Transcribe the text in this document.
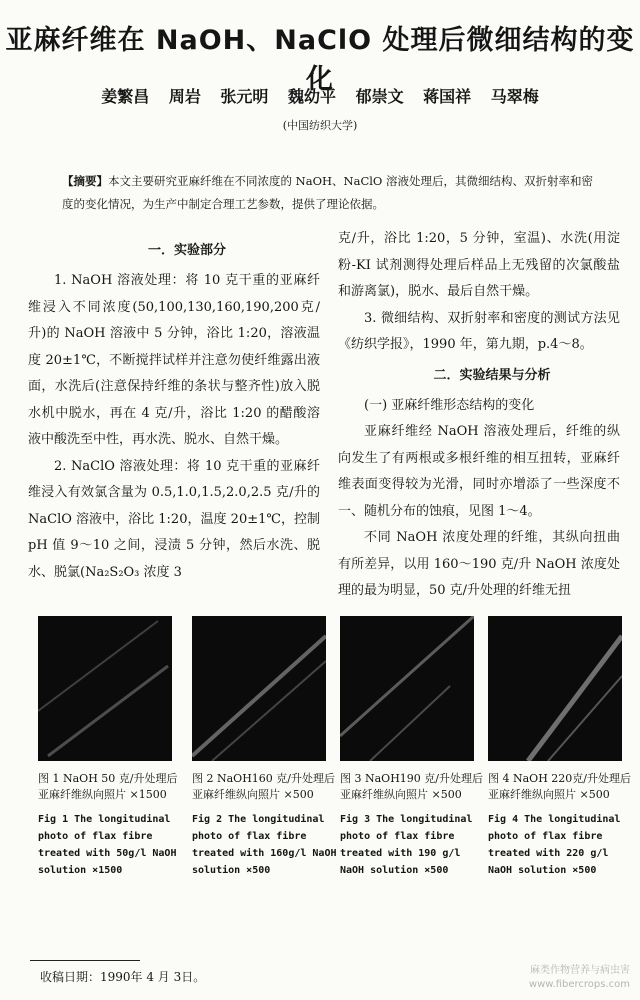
亚麻纤维在 NaOH、NaClO 处理后微细结构的变化
姜繁昌 周岩 张元明 魏幼平 郁崇文 蒋国祥 马翠梅
(中国纺织大学)
【摘要】本文主要研究亚麻纤维在不同浓度的 NaOH、NaClO 溶液处理后，其微细结构、双折射率和密度的变化情况，为生产中制定合理工艺参数，提供了理论依据。

一．实验部分

1. NaOH 溶液处理：将 10 克干重的亚麻纤维浸入不同浓度(50,100,130,160,190,200克/升)的 NaOH 溶液中 5 分钟，浴比 1:20，溶液温度 20±1℃，不断搅拌试样并注意勿使纤维露出液面，水洗后(注意保持纤维的条状与整齐性)放入脱水机中脱水，再在 4 克/升，浴比 1:20 的醋酸溶液中酸洗至中性，再水洗、脱水、自然干燥。

2. NaClO 溶液处理：将 10 克干重的亚麻纤维浸入有效氯含量为 0.5,1.0,1.5,2.0,2.5 克/升的 NaClO 溶液中，浴比 1:20，温度 20±1℃，控制 pH 值 9～10 之间，浸渍 5 分钟，然后水洗、脱水、脱氯(Na₂S₂O₃ 浓度 3

克/升，浴比 1:20，5 分钟，室温)、水洗(用淀粉-KI 试剂测得处理后样品上无残留的次氯酸盐和游离氯)，脱水、最后自然干燥。

3. 微细结构、双折射率和密度的测试方法见《纺织学报》，1990 年，第九期，p.4～8。

二．实验结果与分析

(一) 亚麻纤维形态结构的变化

亚麻纤维经 NaOH 溶液处理后，纤维的纵向发生了有两根或多根纤维的相互扭转，亚麻纤维表面变得较为光滑，同时亦增添了一些深度不一、随机分布的蚀痕，见图 1～4。

不同 NaOH 浓度处理的纤维，其纵向扭曲有所差异，以用 160～190 克/升 NaOH 浓度处理的最为明显，50 克/升处理的纤维无扭

图 1 NaOH 50 克/升处理后亚麻纤维纵向照片 ×1500
Fig 1 The longitudinal photo of flax fibre treated with 50g/l NaOH solution ×1500
图 2 NaOH160 克/升处理后亚麻纤维纵向照片 ×500
Fig 2 The longitudinal photo of flax fibre treated with 160g/l NaOH solution ×500
图 3 NaOH190 克/升处理后亚麻纤维纵向照片 ×500
Fig 3 The longitudinal photo of flax fibre treated with 190 g/l NaOH solution ×500
图 4 NaOH 220克/升处理后亚麻纤维纵向照片 ×500
Fig 4 The longitudinal photo of flax fibre treated with 220 g/l NaOH solution ×500
收稿日期：1990年 4 月 3日。	麻类作物营养与病虫害
www.fibercrops.com
